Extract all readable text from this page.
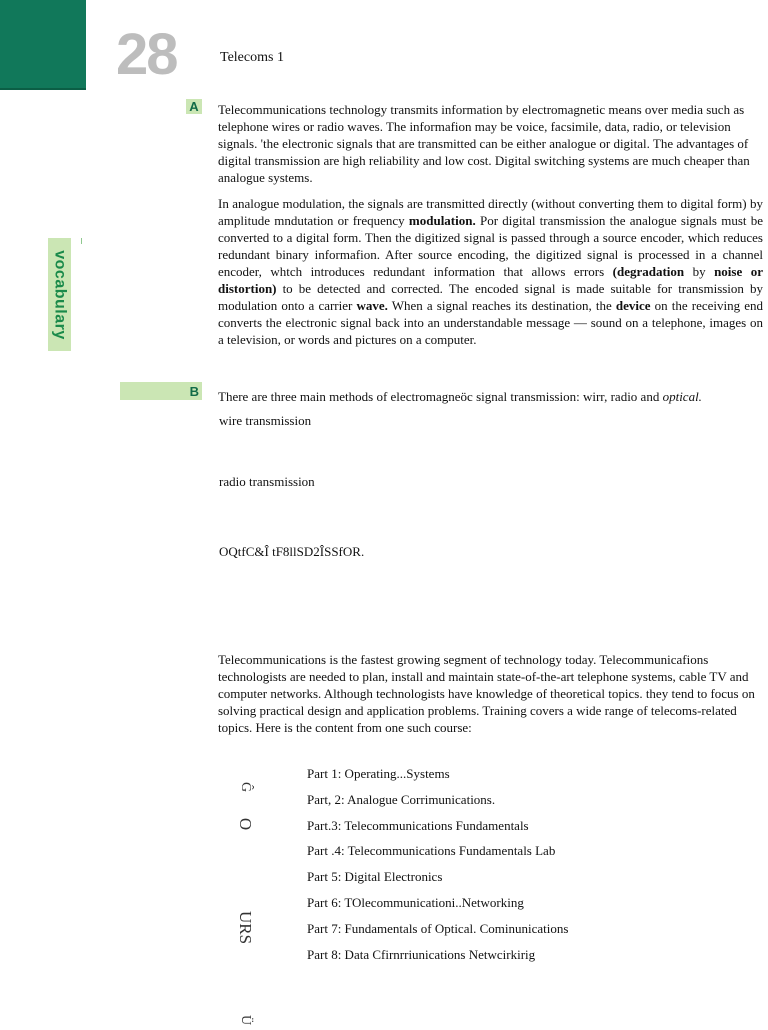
28	Telecoms 1
vocabulary
A Telecommunications technology transmits information by electromagnetic means over media such as telephone wires or radio waves. The informafion may be voice, facsimile, data, radio, or television signals. 'the electronic signals that are transmitted can be either analogue or digital. The advantages of digital transmission are high reliability and low cost. Digital switching systems are much cheaper than analogue systems.

In analogue modulation, the signals are transmitted directly (without converting them to digital form) by amplitude mndutation or frequency modulation. Por digital transmission the analogue signals must be converted to a digital form. Then the digitized signal is passed through a source encoder, which reduces redundant binary informafion. After source encoding, the digitized signal is processed in a channel encoder, whtch introduces redundant information that allows errors (degradation by noise or distortion) to be detected and corrected. The encoded signal is made suitable for transmission by modulation onto a carrier wave. When a signal reaches its destination, the device on the receiving end converts the electronic signal back into an understandable message — sound on a telephone, images on a television, or words and pictures on a computer.

B There are three main methods of electromagneöc signal transmission: wirr, radio and optical.

wire transmission
radio transmission
OQtfC&Î tF8llSD2ÎSSfOR.

Telecommunications is the fastest growing segment of technology today. Telecommunicafions technologists are needed to plan, install and maintain state-of-the-art telephone systems, cable TV and computer networks. Although technologists have knowledge of theoretical topics. they tend to focus on solving practical design and application problems. Training covers a wide range of telecoms-related topics. Here is the content from one such course:

Ĝ
O
URS
Ü
Part 1: Operating...Systems
Part, 2: Analogue Corrimunications.
Part.3: Telecommunications Fundamentals
Part .4: Telecommunications Fundamentals Lab
Part 5: Digital Electronics
Part 6: TOlecommunicationi..Networking
Part 7: Fundamentals of Optical. Cominunications
Part 8: Data Cfirnrriunications Netwcirkirig
